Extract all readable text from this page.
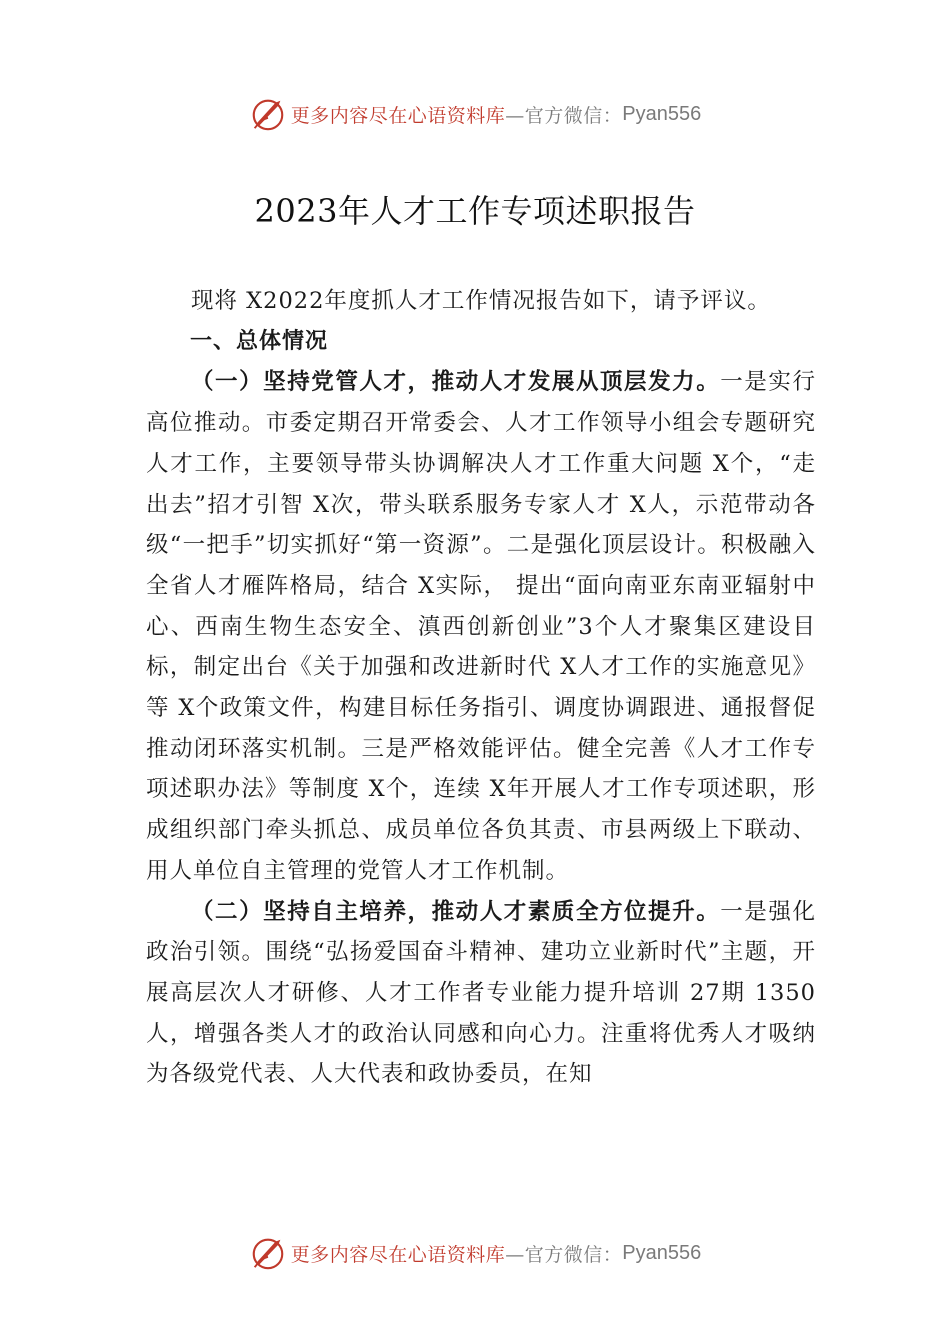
更多内容尽在心语资料库 —官方微信： Pyan556
2023年人才工作专项述职报告

现将 X2022年度抓人才工作情况报告如下，请予评议。

一、总体情况

（一）坚持党管人才，推动人才发展从顶层发力。一是实行高位推动。市委定期召开常委会、人才工作领导小组会专题研究人才工作，主要领导带头协调解决人才工作重大问题 X个，“走出去”招才引智 X次，带头联系服务专家人才 X人，示范带动各级“一把手”切实抓好“第一资源”。二是强化顶层设计。积极融入全省人才雁阵格局，结合 X实际， 提出“面向南亚东南亚辐射中心、西南生物生态安全、滇西创新创业”3个人才聚集区建设目标，制定出台《关于加强和改进新时代 X人才工作的实施意见》等 X个政策文件，构建目标任务指引、调度协调跟进、通报督促推动闭环落实机制。三是严格效能评估。健全完善《人才工作专项述职办法》等制度 X个，连续 X年开展人才工作专项述职，形成组织部门牵头抓总、成员单位各负其责、市县两级上下联动、用人单位自主管理的党管人才工作机制。

（二）坚持自主培养，推动人才素质全方位提升。一是强化政治引领。围绕“弘扬爱国奋斗精神、建功立业新时代”主题，开展高层次人才研修、人才工作者专业能力提升培训 27期 1350人，增强各类人才的政治认同感和向心力。注重将优秀人才吸纳为各级党代表、人大代表和政协委员，在知

更多内容尽在心语资料库 —官方微信： Pyan556
